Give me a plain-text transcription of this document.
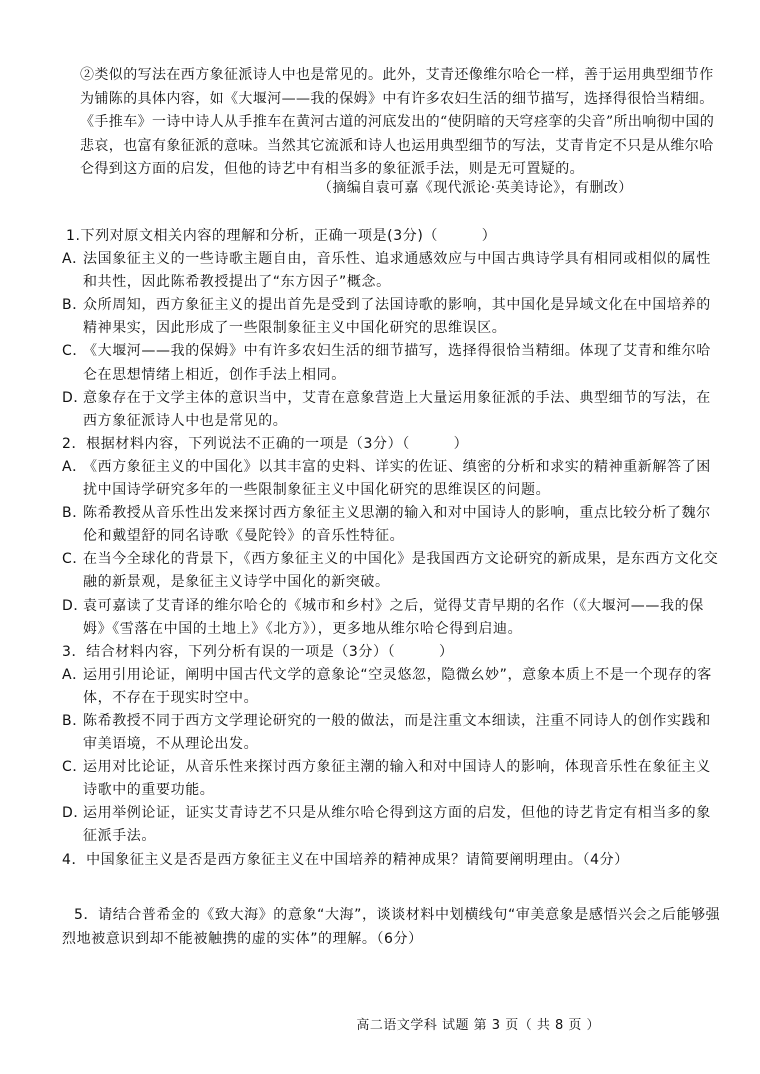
②类似的写法在西方象征派诗人中也是常见的。此外，艾青还像维尔哈仑一样，善于运用典型细节作为铺陈的具体内容，如《大堰河——我的保姆》中有许多农妇生活的细节描写，选择得很恰当精细。《手推车》一诗中诗人从手推车在黄河古道的河底发出的“使阴暗的天穹痉挛的尖音”所出响彻中国的悲哀，也富有象征派的意味。当然其它流派和诗人也运用典型细节的写法，艾青肯定不只是从维尔哈仑得到这方面的启发，但他的诗艺中有相当多的象征派手法，则是无可置疑的。

（摘编自袁可嘉《现代派论·英美诗论》，有删改）

1.下列对原文相关内容的理解和分析，正确一项是(3分)（　　　）

A．法国象征主义的一些诗歌主题自由，音乐性、追求通感效应与中国古典诗学具有相同或相似的属性和共性，因此陈希教授提出了“东方因子”概念。

B．众所周知，西方象征主义的提出首先是受到了法国诗歌的影响，其中国化是异域文化在中国培养的精神果实，因此形成了一些限制象征主义中国化研究的思维误区。

C．《大堰河——我的保姆》中有许多农妇生活的细节描写，选择得很恰当精细。体现了艾青和维尔哈仑在思想情绪上相近，创作手法上相同。

D．意象存在于文学主体的意识当中，艾青在意象营造上大量运用象征派的手法、典型细节的写法，在西方象征派诗人中也是常见的。

2．根据材料内容，下列说法不正确的一项是（3分）（　　　）

A．《西方象征主义的中国化》以其丰富的史料、详实的佐证、缜密的分析和求实的精神重新解答了困扰中国诗学研究多年的一些限制象征主义中国化研究的思维误区的问题。

B．陈希教授从音乐性出发来探讨西方象征主义思潮的输入和对中国诗人的影响，重点比较分析了魏尔伦和戴望舒的同名诗歌《曼陀铃》的音乐性特征。

C．在当今全球化的背景下，《西方象征主义的中国化》是我国西方文论研究的新成果，是东西方文化交融的新景观，是象征主义诗学中国化的新突破。

D．袁可嘉读了艾青译的维尔哈仑的《城市和乡村》之后，觉得艾青早期的名作（《大堰河——我的保姆》《雪落在中国的土地上》《北方》），更多地从维尔哈仑得到启迪。

3．结合材料内容，下列分析有误的一项是（3分）（　　　）

A．运用引用论证，阐明中国古代文学的意象论“空灵悠忽，隐微幺妙”，意象本质上不是一个现存的客体，不存在于现实时空中。

B．陈希教授不同于西方文学理论研究的一般的做法，而是注重文本细读，注重不同诗人的创作实践和审美语境，不从理论出发。

C．运用对比论证，从音乐性来探讨西方象征主潮的输入和对中国诗人的影响，体现音乐性在象征主义诗歌中的重要功能。

D．运用举例论证，证实艾青诗艺不只是从维尔哈仑得到这方面的启发，但他的诗艺肯定有相当多的象征派手法。

4．中国象征主义是否是西方象征主义在中国培养的精神成果？请简要阐明理由。（4分）

5．请结合普希金的《致大海》的意象“大海”，谈谈材料中划横线句“审美意象是感悟兴会之后能够强烈地被意识到却不能被触携的虚的实体”的理解。（6分）

高二语文学科 试题 第 3 页（ 共 8 页 ）
